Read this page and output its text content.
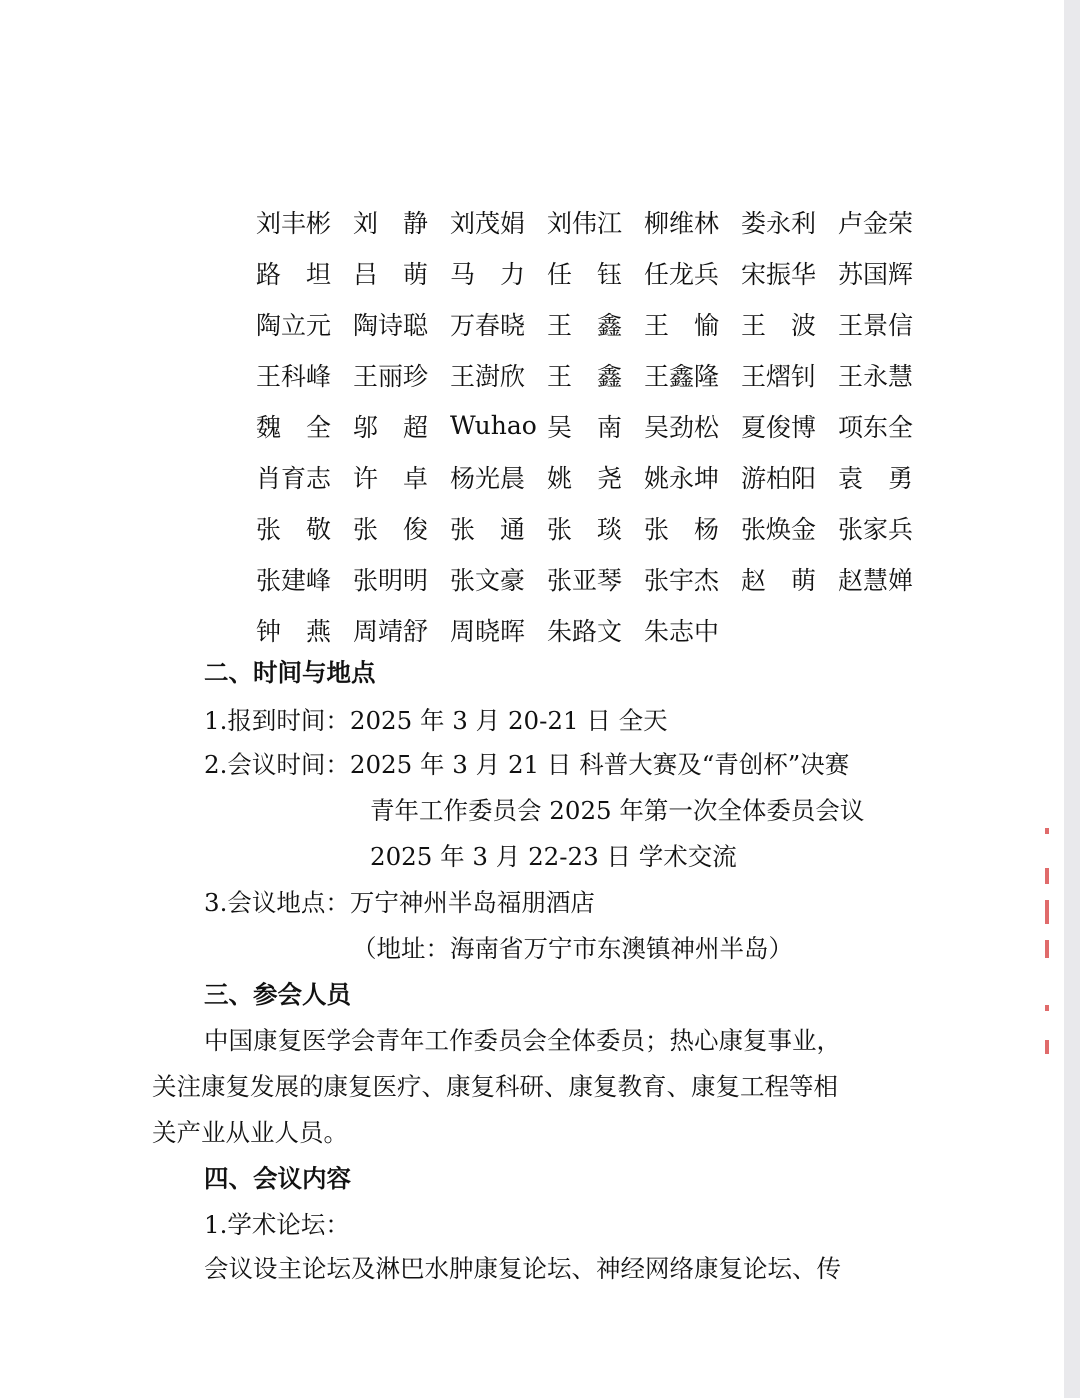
刘丰彬 刘　静 刘茂娟 刘伟江 柳维林 娄永利 卢金荣
路　坦 吕　萌 马　力 任　钰 任龙兵 宋振华 苏国辉
陶立元 陶诗聪 万春晓 王　鑫 王　愉 王　波 王景信
王科峰 王丽珍 王澍欣 王　鑫 王鑫隆 王熠钊 王永慧
魏　全 邬　超 Wuhao 吴　南 吴劲松 夏俊博 项东全
肖育志 许　卓 杨光晨 姚　尧 姚永坤 游柏阳 袁　勇
张　敬 张　俊 张　通 张　琰 张　杨 张焕金 张家兵
张建峰 张明明 张文豪 张亚琴 张宇杰 赵　萌 赵慧婵
钟　燕 周靖舒 周晓晖 朱路文 朱志中
二、时间与地点
1.报到时间：2025 年 3 月 20-21 日 全天
2.会议时间：2025 年 3 月 21 日 科普大赛及“青创杯”决赛
青年工作委员会 2025 年第一次全体委员会议
2025 年 3 月 22-23 日 学术交流
3.会议地点：万宁神州半岛福朋酒店
（地址：海南省万宁市东澳镇神州半岛）
三、参会人员
中国康复医学会青年工作委员会全体委员；热心康复事业，
关注康复发展的康复医疗、康复科研、康复教育、康复工程等相
关产业从业人员。
四、会议内容
1.学术论坛：
会议设主论坛及淋巴水肿康复论坛、神经网络康复论坛、传
